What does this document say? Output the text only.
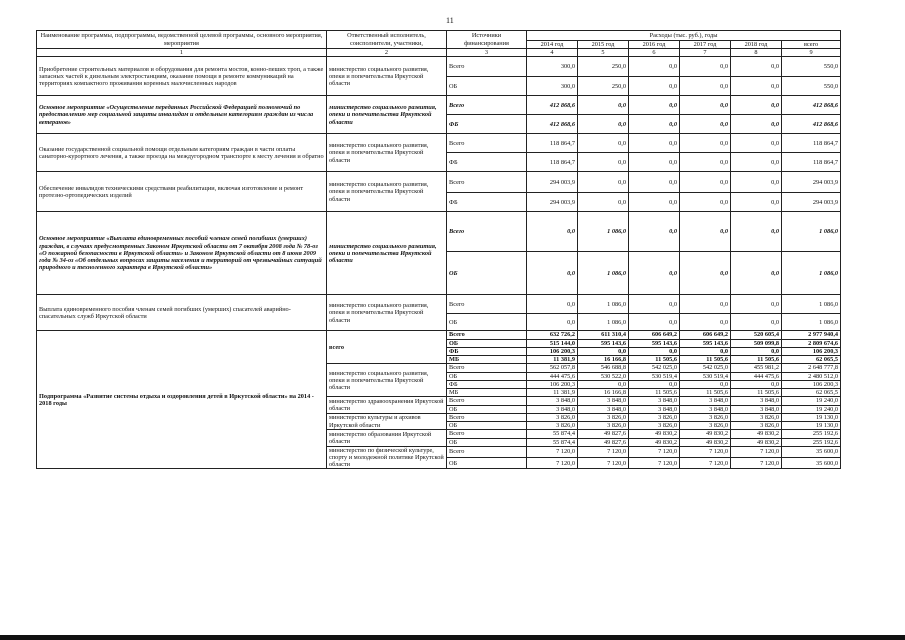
11
Наименование программы, подпрограммы, ведомственной целевой программы, основного мероприятия, мероприятия	Ответственный исполнитель, соисполнители, участники,	Источники финансирования	Расходы (тыс. руб.), годы					
			2014 год	2015 год	2016 год	2017 год	2018 год	всего
1	2	3	4	5	6	7	8	9
Приобретение строительных материалов и оборудования для ремонта мостов, конно-пеших троп, а также запасных частей к дизельным электростанциям, оказание помощи в ремонте коммуникаций на территориях компактного проживания коренных малочисленных народов	министерство социального развития, опеки и попечительства Иркутской области	Всего	300,0	250,0	0,0	0,0	0,0	550,0
		ОБ	300,0	250,0	0,0	0,0	0,0	550,0
Основное мероприятие «Осуществление переданных Российской Федерацией полномочий по предоставлению мер социальной защиты инвалидам и отдельным категориям граждан из числа ветеранов»	министерство социального развития, опеки и попечительства Иркутской области	Всего	412 868,6	0,0	0,0	0,0	0,0	412 868,6
		ФБ	412 868,6	0,0	0,0	0,0	0,0	412 868,6
Оказание государственной социальной помощи отдельным категориям граждан в части оплаты санаторно-курортного лечения, а также проезда на междугородном транспорте к месту лечения и обратно	министерство социального развития, опеки и попечительства Иркутской области	Всего	118 864,7	0,0	0,0	0,0	0,0	118 864,7
		ФБ	118 864,7	0,0	0,0	0,0	0,0	118 864,7
Обеспечение инвалидов техническими средствами реабилитации, включая изготовление и ремонт протезно-ортопедических изделий	министерство социального развития, опеки и попечительства Иркутской области	Всего	294 003,9	0,0	0,0	0,0	0,0	294 003,9
		ФБ	294 003,9	0,0	0,0	0,0	0,0	294 003,9
Основное мероприятие «Выплата единовременных пособий членам семей погибших (умерших) граждан, в случаях предусмотренных Законом Иркутской области от 7 октября 2008 года № 78-оз «О пожарной безопасности в Иркутской области» и Законом Иркутской области от 8 июня 2009 года № 34-оз «Об отдельных вопросах защиты населения и территорий от чрезвычайных ситуаций природного и техногенного характера в Иркутской области»	министерство социального развития, опеки и попечительства Иркутской области	Всего	0,0	1 086,0	0,0	0,0	0,0	1 086,0
		ОБ	0,0	1 086,0	0,0	0,0	0,0	1 086,0
Выплата единовременного пособия членам семей погибших (умерших) спасателей аварийно-спасательных служб Иркутской области	министерство социального развития, опеки и попечительства Иркутской области	Всего	0,0	1 086,0	0,0	0,0	0,0	1 086,0
		ОБ	0,0	1 086,0	0,0	0,0	0,0	1 086,0
Подпрограмма «Развитие системы отдыха и оздоровления детей в Иркутской области» на 2014 - 2018 годы	всего	Всего	632 726,2	611 310,4	606 649,2	606 649,2	520 605,4	2 977 940,4
		ОБ	515 144,0	595 143,6	595 143,6	595 143,6	509 099,8	2 809 674,6
		ФБ	106 200,3	0,0	0,0	0,0	0,0	106 200,3
		МБ	11 381,9	16 166,8	11 505,6	11 505,6	11 505,6	62 065,5
	министерство социального развития, опеки и попечительства Иркутской области	Всего	562 057,8	546 688,8	542 025,0	542 025,0	455 981,2	2 648 777,8
		ОБ	444 475,6	530 522,0	530 519,4	530 519,4	444 475,6	2 480 512,0
		ФБ	106 200,3	0,0	0,0	0,0	0,0	106 200,3
		МБ	11 381,9	16 166,8	11 505,6	11 505,6	11 505,6	62 065,5
	министерство здравоохранения Иркутской области	Всего	3 848,0	3 848,0	3 848,0	3 848,0	3 848,0	19 240,0
		ОБ	3 848,0	3 848,0	3 848,0	3 848,0	3 848,0	19 240,0
	министерство культуры и архивов Иркутской области	Всего	3 826,0	3 826,0	3 826,0	3 826,0	3 826,0	19 130,0
		ОБ	3 826,0	3 826,0	3 826,0	3 826,0	3 826,0	19 130,0
	министерство образования Иркутской области	Всего	55 874,4	49 827,6	49 830,2	49 830,2	49 830,2	255 192,6
		ОБ	55 874,4	49 827,6	49 830,2	49 830,2	49 830,2	255 192,6
	министерство по физической культуре, спорту и молодежной политике Иркутской области	Всего	7 120,0	7 120,0	7 120,0	7 120,0	7 120,0	35 600,0
		ОБ	7 120,0	7 120,0	7 120,0	7 120,0	7 120,0	35 600,0
